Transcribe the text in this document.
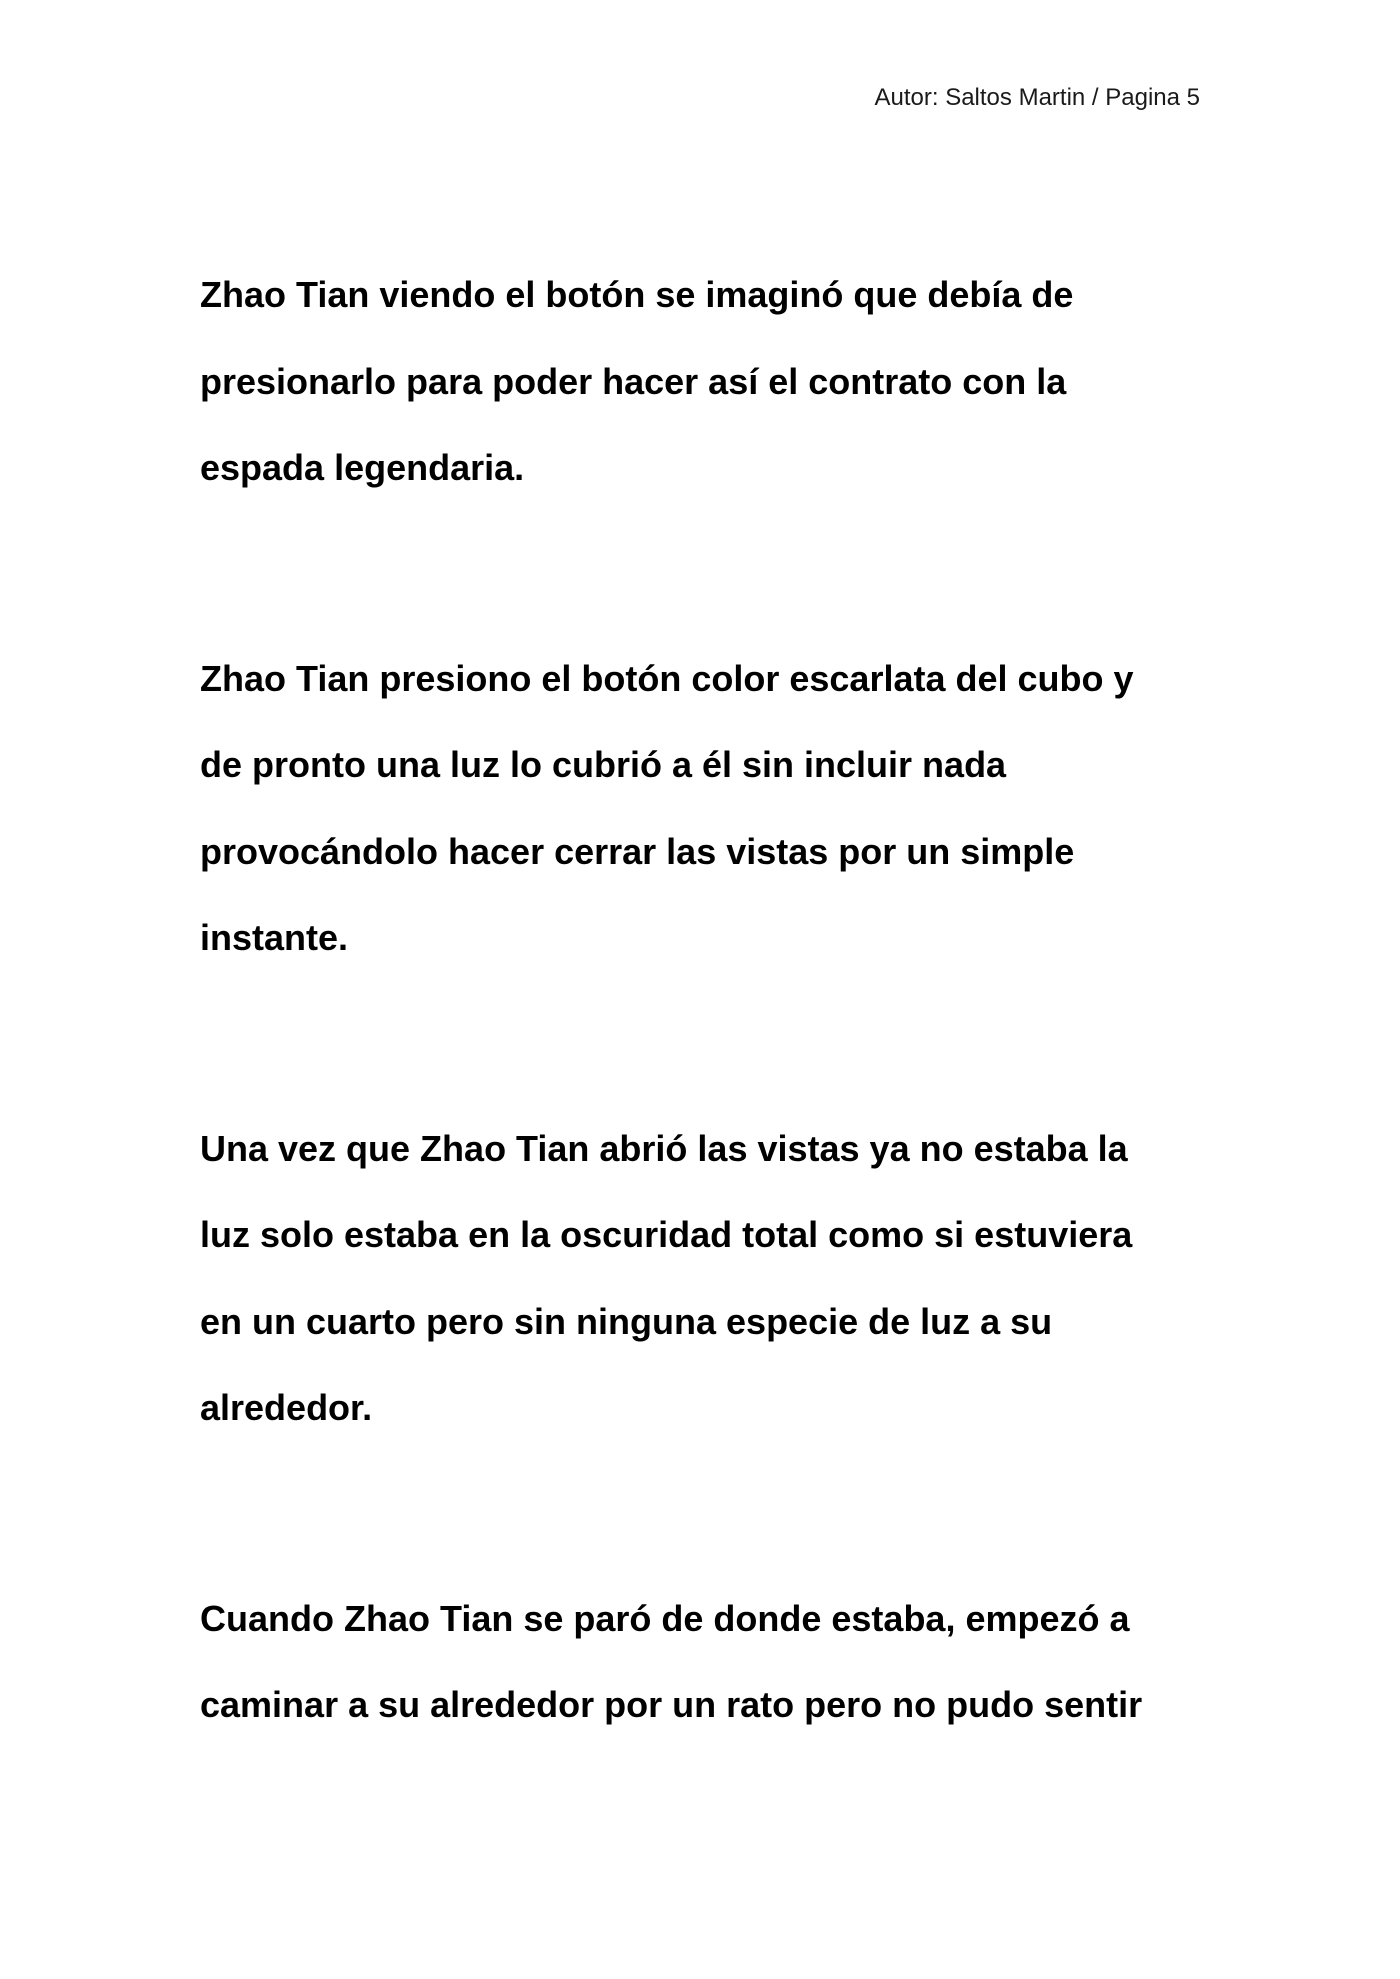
Autor: Saltos Martin / Pagina 5
Zhao Tian viendo el botón se imaginó que debía de
presionarlo para poder hacer así el contrato con la
espada legendaria.
Zhao Tian presiono el botón color escarlata del cubo y
de pronto una luz lo cubrió a él sin incluir nada
provocándolo hacer cerrar las vistas por un simple
instante.
Una vez que Zhao Tian abrió las vistas ya no estaba la
luz solo estaba en la oscuridad total como si estuviera
en un cuarto pero sin ninguna especie de luz a su
alrededor.
Cuando Zhao Tian se paró de donde estaba, empezó a
caminar a su alrededor por un rato pero no pudo sentir
